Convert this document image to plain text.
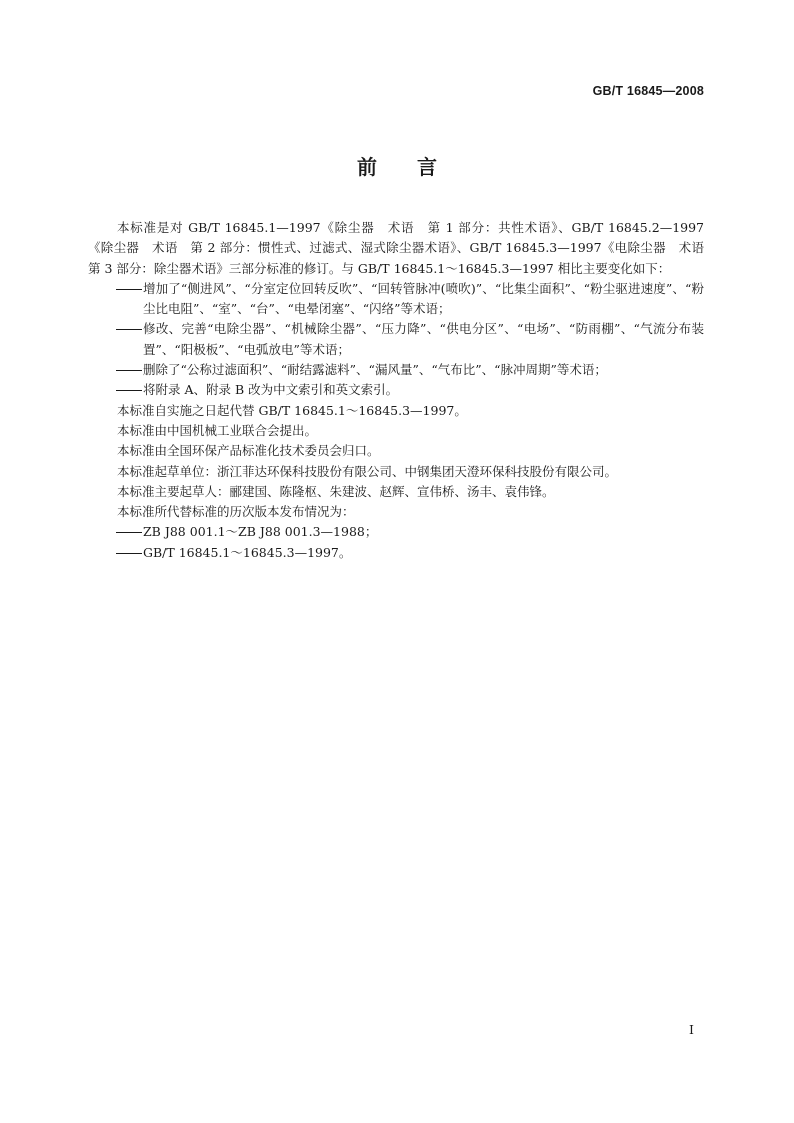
GB/T 16845—2008
前言

本标准是对 GB/T 16845.1—1997《除尘器　术语　第 1 部分：共性术语》、GB/T 16845.2—1997《除尘器　术语　第 2 部分：惯性式、过滤式、湿式除尘器术语》、GB/T 16845.3—1997《电除尘器　术语　第 3 部分：除尘器术语》三部分标准的修订。与 GB/T 16845.1～16845.3—1997 相比主要变化如下：

增加了“侧进风”、“分室定位回转反吹”、“回转管脉冲(喷吹)”、“比集尘面积”、“粉尘驱进速度”、“粉尘比电阻”、“室”、“台”、“电晕闭塞”、“闪络”等术语；

修改、完善“电除尘器”、“机械除尘器”、“压力降”、“供电分区”、“电场”、“防雨棚”、“气流分布装置”、“阳极板”、“电弧放电”等术语；

删除了“公称过滤面积”、“耐结露滤料”、“漏风量”、“气布比”、“脉冲周期”等术语；

将附录 A、附录 B 改为中文索引和英文索引。

本标准自实施之日起代替 GB/T 16845.1～16845.3—1997。

本标准由中国机械工业联合会提出。

本标准由全国环保产品标准化技术委员会归口。

本标准起草单位：浙江菲达环保科技股份有限公司、中钢集团天澄环保科技股份有限公司。

本标准主要起草人：郦建国、陈隆枢、朱建波、赵辉、宣伟桥、汤丰、袁伟锋。

本标准所代替标准的历次版本发布情况为：

ZB J88 001.1～ZB J88 001.3—1988；

GB/T 16845.1～16845.3—1997。

I
